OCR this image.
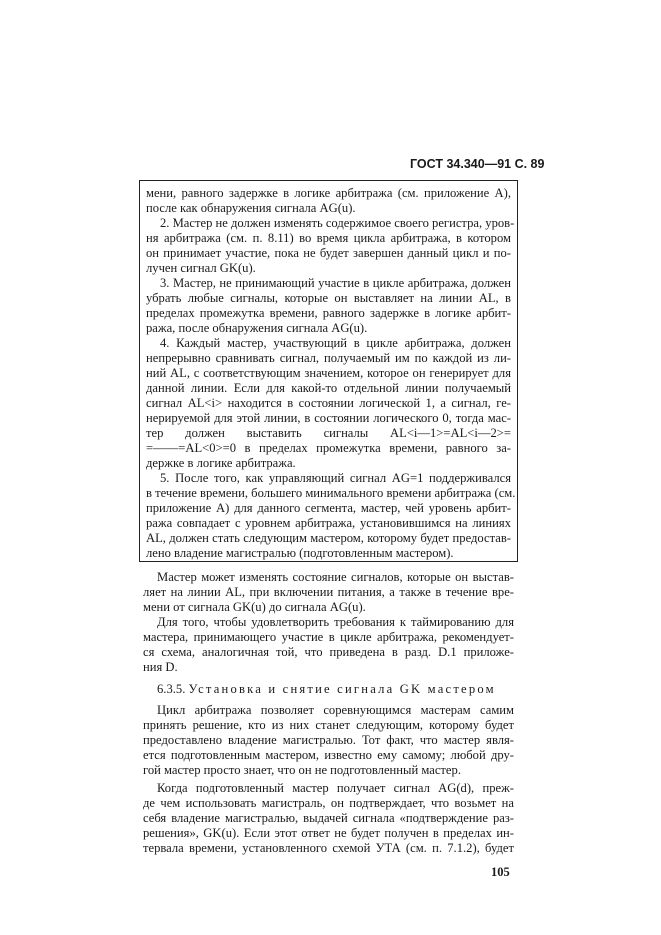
ГОСТ 34.340—91 С. 89
мени, равного задержке в логике арбитража (см. приложение А),
после как обнаружения сигнала AG(u).
2. Мастер не должен изменять содержимое своего регистра, уров-
ня арбитража (см. п. 8.11) во время цикла арбитража, в котором
он принимает участие, пока не будет завершен данный цикл и по-
лучен сигнал GK(u).
3. Мастер, не принимающий участие в цикле арбитража, должен
убрать любые сигналы, которые он выставляет на линии AL, в
пределах промежутка времени, равного задержке в логике арбит-
ража, после обнаружения сигнала AG(u).
4. Каждый мастер, участвующий в цикле арбитража, должен
непрерывно сравнивать сигнал, получаемый им по каждой из ли-
ний AL, с соответствующим значением, которое он генерирует для
данной линии. Если для какой-то отдельной линии получаемый
сигнал AL<i> находится в состоянии логической 1, а сигнал, ге-
нерируемой для этой линии, в состоянии логического 0, тогда мас-
тер должен выставить сигналы AL<i—1>=AL<i—2>=
=——=AL<0>=0 в пределах промежутка времени, равного за-
держке в логике арбитража.
5. После того, как управляющий сигнал AG=1 поддерживался
в течение времени, большего минимального времени арбитража (см.
приложение А) для данного сегмента, мастер, чей уровень арбит-
ража совпадает с уровнем арбитража, установившимся на линиях
AL, должен стать следующим мастером, которому будет предостав-
лено владение магистралью (подготовленным мастером).
Мастер может изменять состояние сигналов, которые он выстав-
ляет на линии AL, при включении питания, а также в течение вре-
мени от сигнала GK(u) до сигнала AG(u).
Для того, чтобы удовлетворить требования к таймированию для
мастера, принимающего участие в цикле арбитража, рекомендует-
ся схема, аналогичная той, что приведена в разд. D.1 приложе-
ния D.
6.3.5. Установка и снятие сигнала GK мастером
Цикл арбитража позволяет соревнующимся мастерам самим
принять решение, кто из них станет следующим, которому будет
предоставлено владение магистралью. Тот факт, что мастер явля-
ется подготовленным мастером, известно ему самому; любой дру-
гой мастер просто знает, что он не подготовленный мастер.
Когда подготовленный мастер получает сигнал AG(d), преж-
де чем использовать магистраль, он подтверждает, что возьмет на
себя владение магистралью, выдачей сигнала «подтверждение раз-
решения», GK(u). Если этот ответ не будет получен в пределах ин-
тервала времени, установленного схемой УТА (см. п. 7.1.2), будет
105
